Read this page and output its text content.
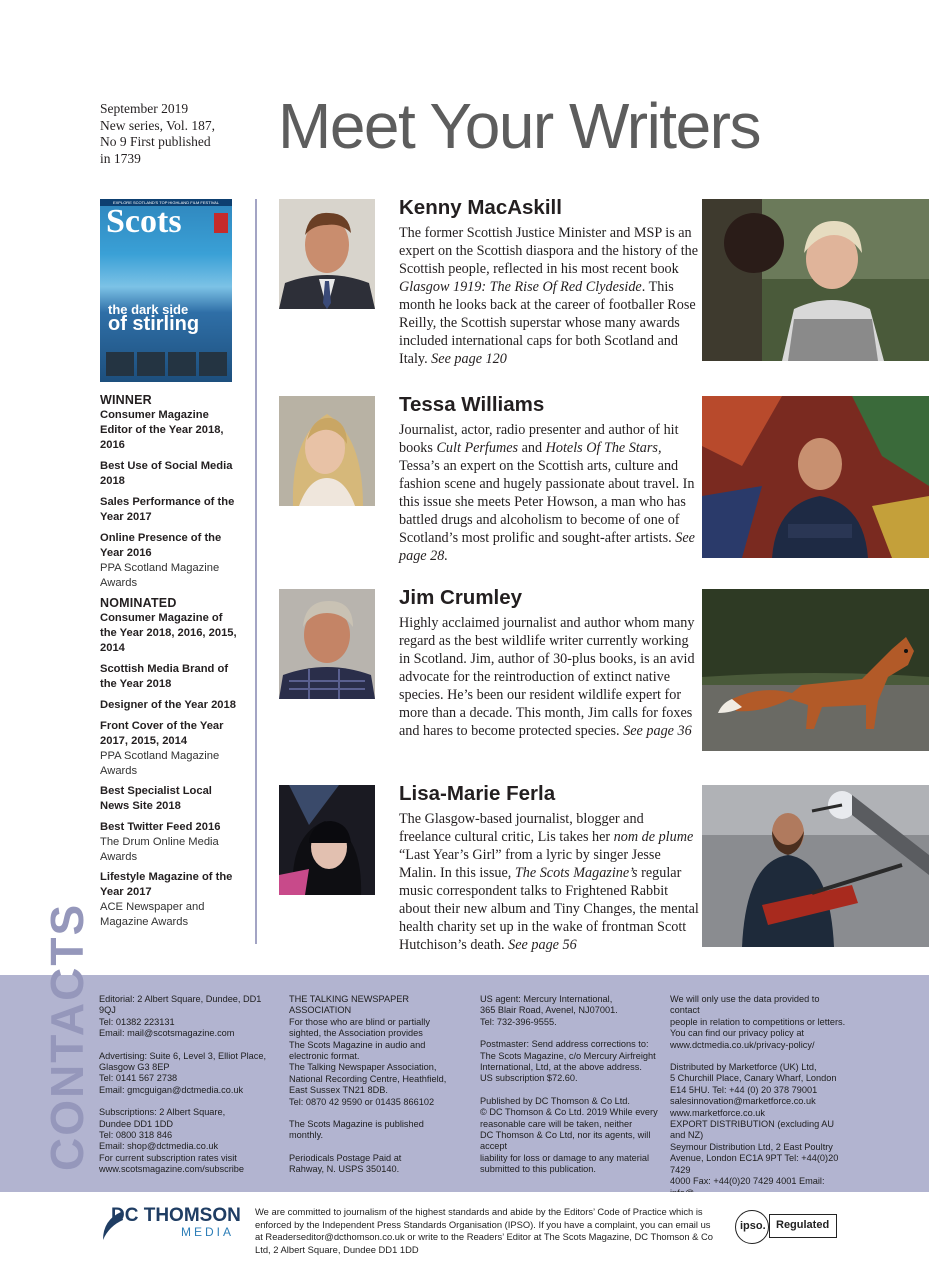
September 2019
New series, Vol. 187,
No 9 First published
in 1739	Meet Your Writers
EXPLORE SCOTLAND'S TOP HIGHLAND FILM FESTIVAL
Scots
the dark side
of stirling
WINNER
Consumer Magazine Editor of the Year 2018, 2016
Best Use of Social Media 2018
Sales Performance of the Year 2017
Online Presence of the Year 2016
PPA Scotland Magazine Awards
NOMINATED
Consumer Magazine of the Year 2018, 2016, 2015, 2014
Scottish Media Brand of the Year 2018
Designer of the Year 2018
Front Cover of the Year 2017, 2015, 2014
PPA Scotland Magazine Awards
Best Specialist Local News Site 2018
Best Twitter Feed 2016
The Drum Online Media Awards
Lifestyle Magazine of the Year 2017
ACE Newspaper and Magazine Awards
Kenny MacAskill

The former Scottish Justice Minister and MSP is an expert on the Scottish diaspora and the history of the Scottish people, reflected in his most recent book Glasgow 1919: The Rise Of Red Clydeside. This month he looks back at the career of footballer Rose Reilly, the Scottish superstar whose many awards included international caps for both Scotland and Italy. See page 120

Tessa Williams

Journalist, actor, radio presenter and author of hit books Cult Perfumes and Hotels Of The Stars, Tessa’s an expert on the Scottish arts, culture and fashion scene and hugely passionate about travel. In this issue she meets Peter Howson, a man who has battled drugs and alcoholism to become of one of Scotland’s most prolific and sought-after artists. See page 28.

Jim Crumley

Highly acclaimed journalist and author whom many regard as the best wildlife writer currently working in Scotland. Jim, author of 30-plus books, is an avid advocate for the reintroduction of extinct native species. He’s been our resident wildlife expert for more than a decade. This month, Jim calls for foxes and hares to become protected species. See page 36

Lisa-Marie Ferla

The Glasgow-based journalist, blogger and freelance cultural critic, Lis takes her nom de plume “Last Year’s Girl” from a lyric by singer Jesse Malin. In this issue, The Scots Magazine’s regular music correspondent talks to Frightened Rabbit about their new album and Tiny Changes, the mental health charity set up in the wake of frontman Scott Hutchison’s death. See page 56

CONTACTS Editorial: 2 Albert Square, Dundee, DD1 9QJ
Tel: 01382 223131
Email: mail@scotsmagazine.com

Advertising: Suite 6, Level 3, Elliot Place,
Glasgow G3 8EP
Tel: 0141 567 2738
Email: gmcguigan@dctmedia.co.uk

Subscriptions: 2 Albert Square,
Dundee DD1 1DD
Tel: 0800 318 846
Email: shop@dctmedia.co.uk
For current subscription rates visit
www.scotsmagazine.com/subscribe

THE TALKING NEWSPAPER ASSOCIATION
For those who are blind or partially
sighted, the Association provides
The Scots Magazine in audio and
electronic format.
The Talking Newspaper Association,
National Recording Centre, Heathfield,
East Sussex TN21 8DB.
Tel: 0870 42 9590 or 01435 866102

The Scots Magazine is published
monthly.

Periodicals Postage Paid at
Rahway, N. USPS 350140.

US agent: Mercury International,
365 Blair Road, Avenel, NJ07001.
Tel: 732-396-9555.

Postmaster: Send address corrections to:
The Scots Magazine, c/o Mercury Airfreight
International, Ltd, at the above address.
US subscription $72.60.

Published by DC Thomson & Co Ltd.
© DC Thomson & Co Ltd. 2019 While every
reasonable care will be taken, neither
DC Thomson & Co Ltd, nor its agents, will accept
liability for loss or damage to any material
submitted to this publication.

We will only use the data provided to contact
people in relation to competitions or letters.
You can find our privacy policy at
www.dctmedia.co.uk/privacy-policy/

Distributed by Marketforce (UK) Ltd,
5 Churchill Place, Canary Wharf, London
E14 5HU. Tel: +44 (0) 20 378 79001
salesinnovation@marketforce.co.uk
www.marketforce.co.uk
EXPORT DISTRIBUTION (excluding AU and NZ)
Seymour Distribution Ltd, 2 East Poultry
Avenue, London EC1A 9PT Tel: +44(0)20 7429
4000 Fax: +44(0)20 7429 4001 Email:

DC THOMSON
MEDIA

We are committed to journalism of the highest standards and abide by the Editors’ Code of Practice which is enforced by the Independent Press Standards Organisation (IPSO). If you have a complaint, you can email us at Readerseditor@dcthomson.co.uk or write to the Readers’ Editor at The Scots Magazine, DC Thomson & Co Ltd, 2 Albert Square, Dundee DD1 1DD

ipso. Regulated
